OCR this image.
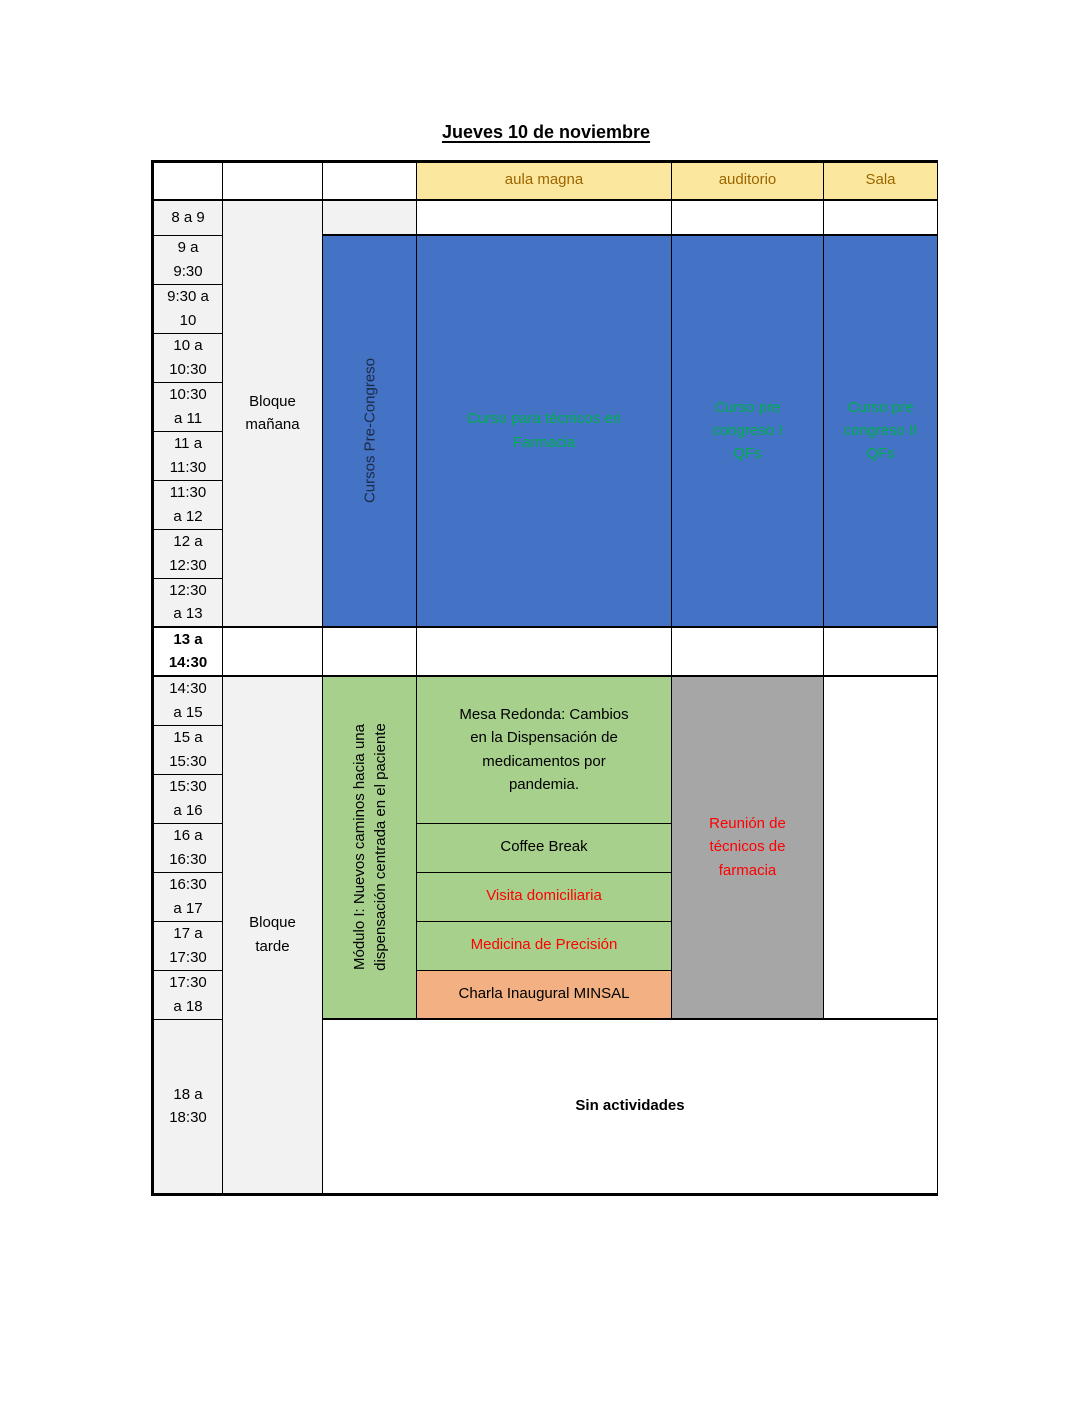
Jueves 10 de noviembre
aula magna	auditorio	Sala
8 a 9
9 a 9:30
9:30 a 10
10 a 10:30
10:30 a 11
11 a 11:30
11:30 a 12
12 a 12:30
12:30 a 13
13 a 14:30
14:30 a 15
15 a 15:30
15:30 a 16
16 a 16:30
16:30 a 17
17 a 17:30
17:30 a 18
18 a 18:30
Bloque mañana
Bloque tarde
Cursos Pre-Congreso
Módulo I: Nuevos caminos hacia una dispensación centrada en el paciente
Curso para técnicos en Farmacia
Mesa Redonda: Cambios en la Dispensación de medicamentos por pandemia.
Coffee Break
Visita domiciliaria
Medicina de Precisión
Charla Inaugural MINSAL
Curso pre congreso I QFs
Reunión de técnicos de farmacia
Curso pre congreso II QFs
Sin actividades
